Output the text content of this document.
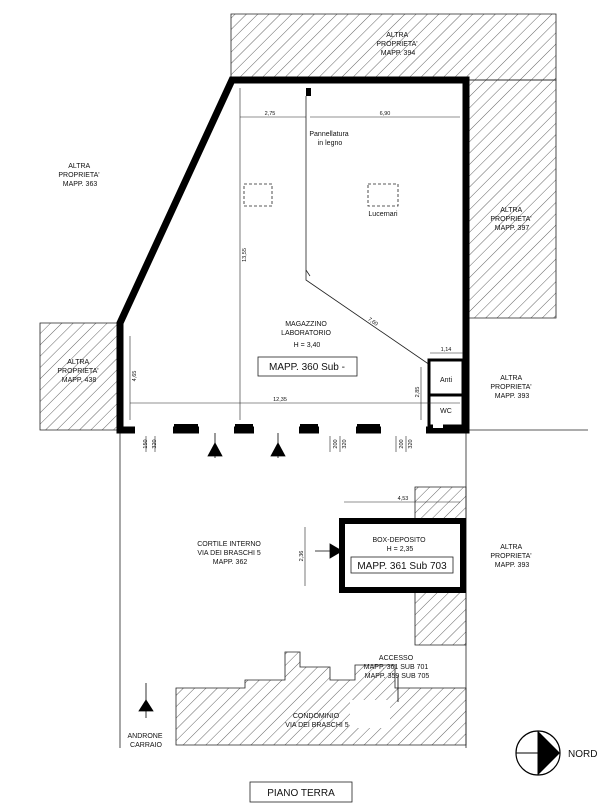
ALTRA PROPRIETA' MAPP. 394
ALTRA PROPRIETA' MAPP. 363
ALTRA PROPRIETA' MAPP. 397
ALTRA PROPRIETA' MAPP. 438	ALTRA PROPRIETA' MAPP. 393
ALTRA PROPRIETA' MAPP. 393
Pannellatura in legno
Lucernari
MAGAZZINO LABORATORIO H = 3,40
MAPP. 360 Sub -
Anti
WC
CORTILE INTERNO VIA DEI BRASCHI 5 MAPP. 362
BOX-DEPOSITO H = 2,35
MAPP. 361 Sub 703
ACCESSO MAPP. 361 SUB 701 MAPP. 359 SUB 705
CONDOMINIO VIA DEI BRASCHI 5
ANDRONE CARRAIO
2,75	6,90
13,55
7,60
4,65
12,35
1,14
2,85
4,53
2,36
150 320	200 320	200 320
NORD
PIANO TERRA
